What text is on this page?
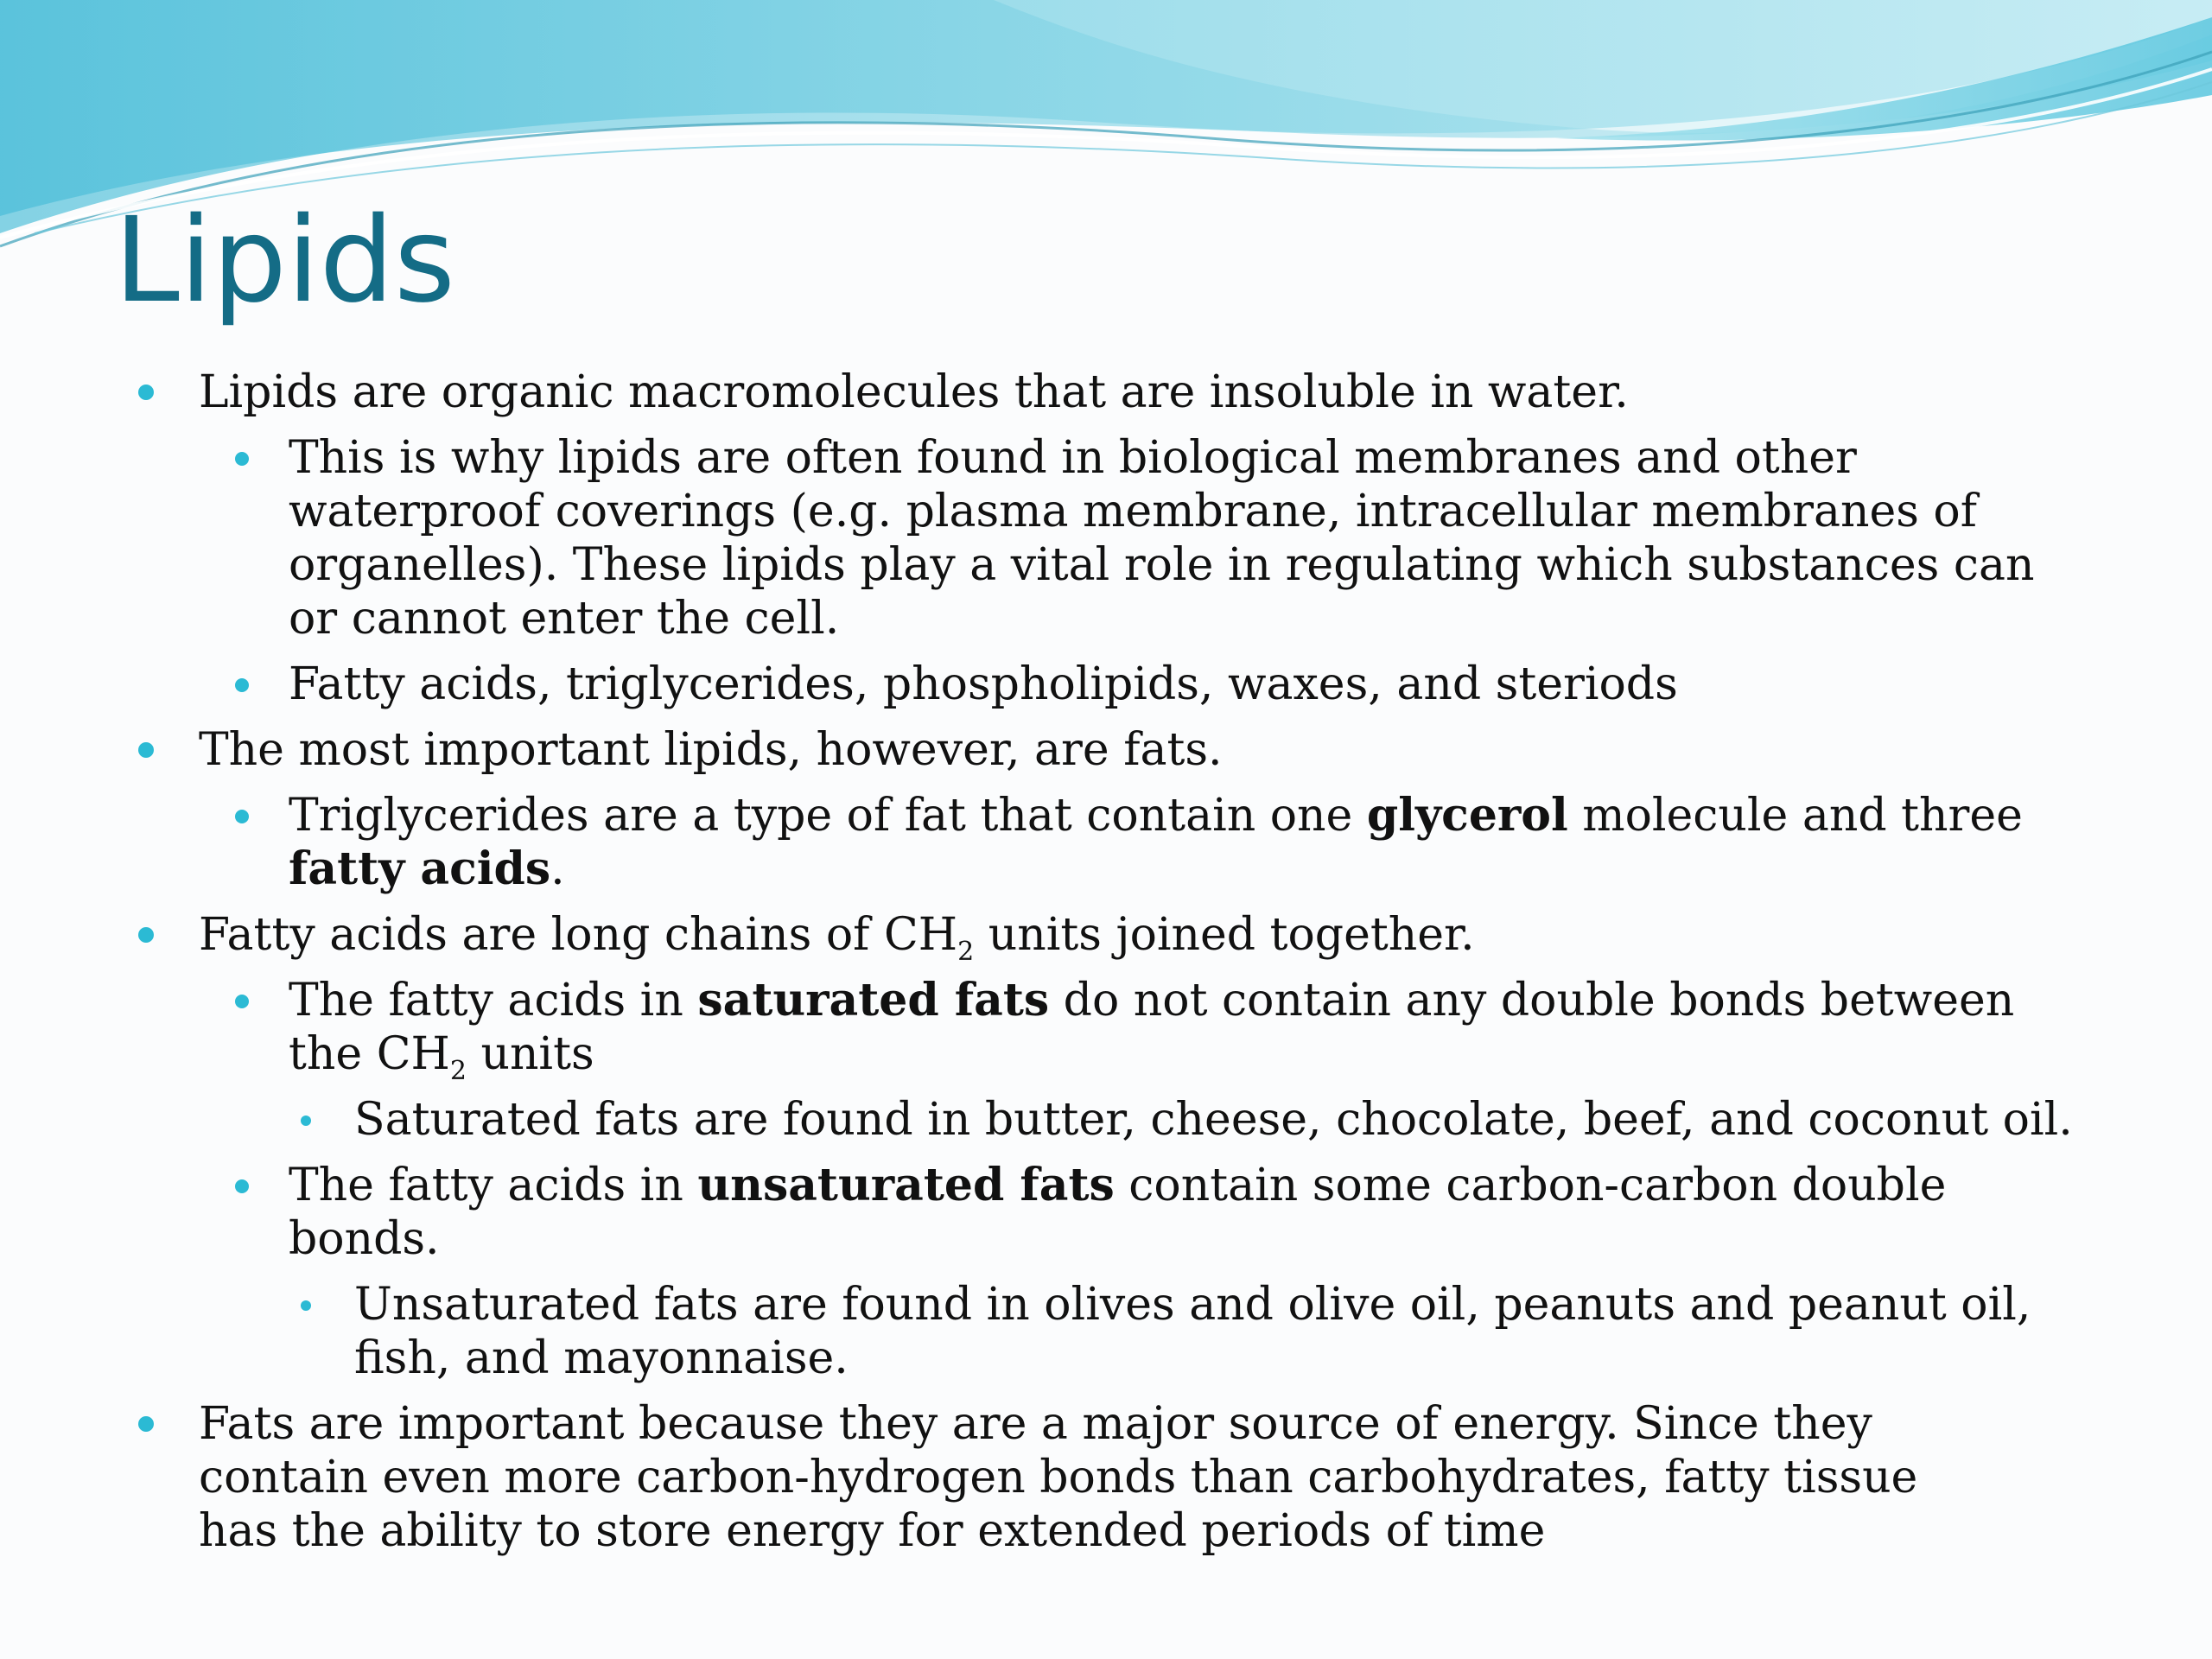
Lipids
Lipids are organic macromolecules that are insoluble in water.
This is why lipids are often found in biological membranes and other waterproof coverings (e.g. plasma membrane, intracellular membranes of organelles). These lipids play a vital role in regulating which substances can or cannot enter the cell.
Fatty acids, triglycerides, phospholipids, waxes, and steriods
The most important lipids, however, are fats.
Triglycerides are a type of fat that contain one glycerol molecule and three fatty acids.
Fatty acids are long chains of $CH_2$ units joined together.
The fatty acids in saturated fats do not contain any double bonds between the $CH_2$ units
Saturated fats are found in butter, cheese, chocolate, beef, and coconut oil.
The fatty acids in unsaturated fats contain some carbon-carbon double bonds.
Unsaturated fats are found in olives and olive oil, peanuts and peanut oil, fish, and mayonnaise.
Fats are important because they are a major source of energy. Since they contain even more carbon-hydrogen bonds than carbohydrates, fatty tissue has the ability to store energy for extended periods of time
